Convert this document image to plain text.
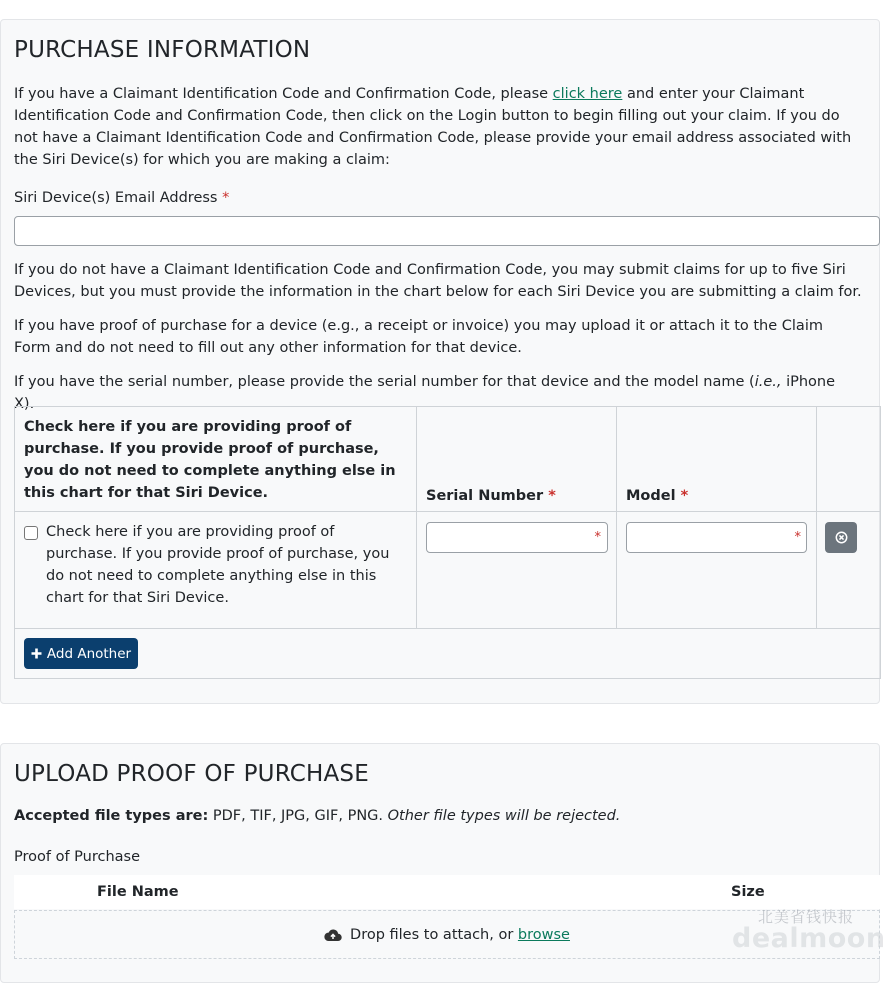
PURCHASE INFORMATION

If you have a Claimant Identification Code and Confirmation Code, please click here and enter your Claimant Identification Code and Confirmation Code, then click on the Login button to begin filling out your claim. If you do not have a Claimant Identification Code and Confirmation Code, please provide your email address associated with the Siri Device(s) for which you are making a claim:

Siri Device(s) Email Address *

If you do not have a Claimant Identification Code and Confirmation Code, you may submit claims for up to five Siri Devices, but you must provide the information in the chart below for each Siri Device you are submitting a claim for.

If you have proof of purchase for a device (e.g., a receipt or invoice) you may upload it or attach it to the Claim Form and do not need to fill out any other information for that device.

If you have the serial number, please provide the serial number for that device and the model name (i.e., iPhone X).

Check here if you are providing proof of purchase. If you provide proof of purchase, you do not need to complete anything else in this chart for that Siri Device.	Serial Number *	Model *	

Check here if you are providing proof of purchase. If you provide proof of purchase, you do not need to complete anything else in this chart for that Siri Device.	*	*

Add Another			
UPLOAD PROOF OF PURCHASE
Accepted file types are: PDF, TIF, JPG, GIF, PNG. Other file types will be rejected.
Proof of Purchase
File Name	Size
Drop files to attach, or browse
北美省钱快报
dealmoon
